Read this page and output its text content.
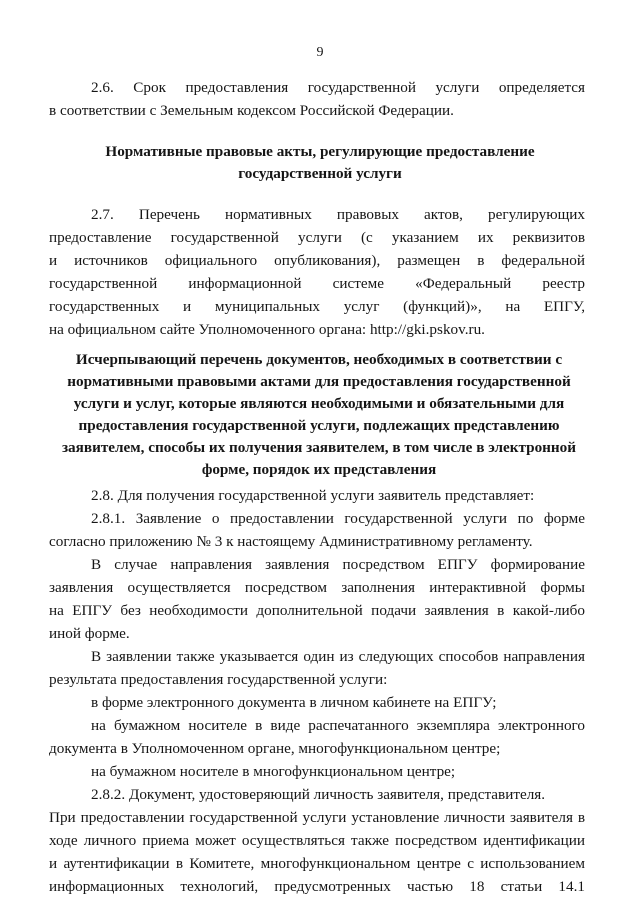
9
2.6. Срок предоставления государственной услуги определяется
в соответствии с Земельным кодексом Российской Федерации.
Нормативные правовые акты, регулирующие предоставление
государственной услуги
2.7. Перечень нормативных правовых актов, регулирующих
предоставление государственной услуги (с указанием их реквизитов
и источников официального опубликования), размещен в федеральной
государственной информационной системе «Федеральный реестр
государственных и муниципальных услуг (функций)», на ЕПГУ,
на официальном сайте Уполномоченного органа: http://gki.pskov.ru.
Исчерпывающий перечень документов, необходимых в соответствии с
нормативными правовыми актами для предоставления государственной
услуги и услуг, которые являются необходимыми и обязательными для
предоставления государственной услуги, подлежащих представлению
заявителем, способы их получения заявителем, в том числе в электронной
форме, порядок их представления
2.8. Для получения государственной услуги заявитель представляет:
2.8.1. Заявление о предоставлении государственной услуги по форме
согласно приложению № 3 к настоящему Административному регламенту.
В случае направления заявления посредством ЕПГУ формирование
заявления осуществляется посредством заполнения интерактивной формы
на ЕПГУ без необходимости дополнительной подачи заявления в какой-либо
иной форме.
В заявлении также указывается один из следующих способов направления
результата предоставления государственной услуги:
в форме электронного документа в личном кабинете на ЕПГУ;
на бумажном носителе в виде распечатанного экземпляра электронного
документа в Уполномоченном органе, многофункциональном центре;
на бумажном носителе в многофункциональном центре;
2.8.2. Документ, удостоверяющий личность заявителя, представителя.
При предоставлении государственной услуги установление личности заявителя в
ходе личного приема может осуществляться также посредством идентификации
и аутентификации в Комитете, многофункциональном центре с использованием
информационных технологий, предусмотренных частью 18 статьи 14.1
